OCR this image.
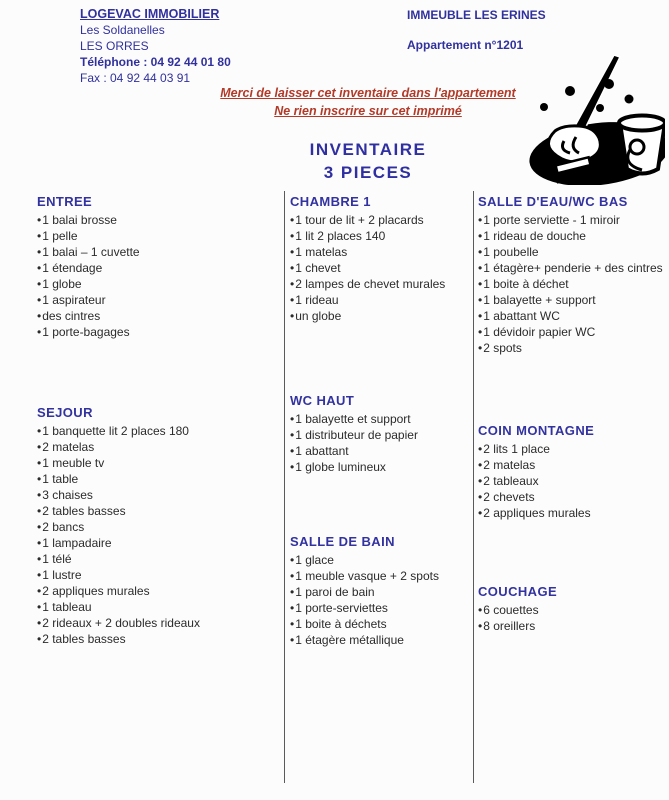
LOGEVAC IMMOBILIER
Les Soldanelles
LES ORRES
Téléphone : 04 92 44 01 80
Fax : 04 92 44 03 91
IMMEUBLE LES ERINES
Appartement n°1201
Merci de laisser cet inventaire dans l'appartement
Ne rien inscrire sur cet imprimé
INVENTAIRE
3 PIECES
ENTREE
• 1 balai brosse
• 1 pelle
• 1 balai – 1 cuvette
• 1 étendage
• 1 globe
• 1 aspirateur
• des cintres
• 1 porte-bagages
SEJOUR
• 1 banquette lit 2 places 180
• 2 matelas
• 1 meuble tv
• 1 table
• 3 chaises
• 2 tables basses
• 2 bancs
• 1 lampadaire
• 1 télé
• 1 lustre
• 2 appliques murales
• 1 tableau
• 2 rideaux + 2 doubles rideaux
• 2 tables basses
CHAMBRE 1
• 1 tour de lit + 2 placards
• 1 lit 2 places 140
• 1 matelas
• 1 chevet
• 2 lampes de chevet murales
• 1 rideau
• un globe
WC HAUT
• 1 balayette et support
• 1 distributeur de papier
• 1 abattant
• 1 globe lumineux
SALLE DE BAIN
• 1 glace
• 1 meuble vasque + 2 spots
• 1 paroi de bain
• 1 porte-serviettes
• 1 boite à déchets
• 1 étagère métallique
SALLE D'EAU/WC BAS
• 1 porte serviette - 1 miroir
• 1 rideau de douche
• 1 poubelle
• 1 étagère+ penderie + des cintres
• 1 boite à déchet
• 1 balayette + support
• 1 abattant WC
• 1 dévidoir papier WC
• 2 spots
COIN MONTAGNE
• 2 lits 1 place
• 2 matelas
• 2 tableaux
• 2 chevets
• 2 appliques murales
COUCHAGE
• 6 couettes
• 8 oreillers
